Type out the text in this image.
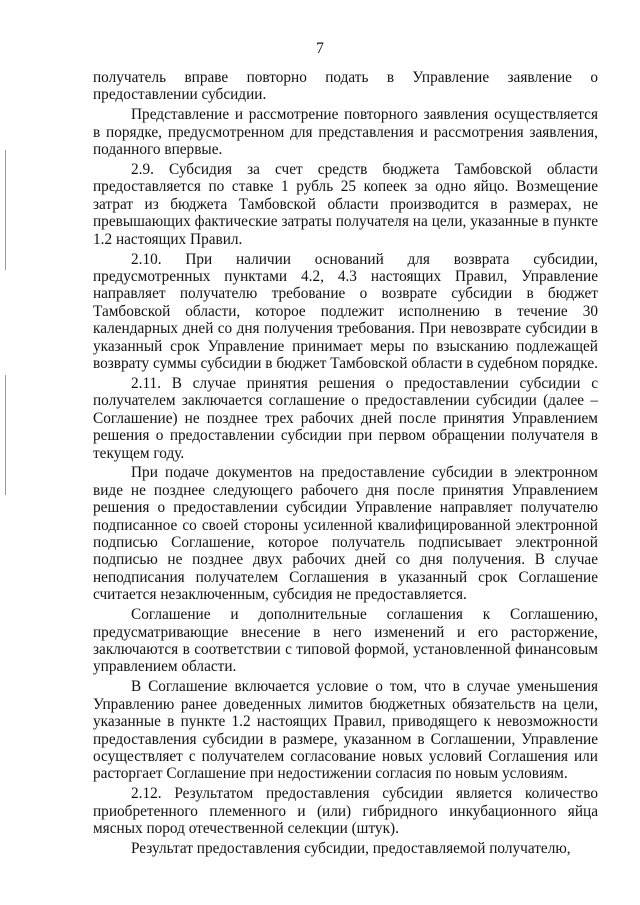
7

получатель вправе повторно подать в Управление заявление о предоставлении субсидии.

Представление и рассмотрение повторного заявления осуществляется в порядке, предусмотренном для представления и рассмотрения заявления, поданного впервые.

2.9. Субсидия за счет средств бюджета Тамбовской области предоставляется по ставке 1 рубль 25 копеек за одно яйцо. Возмещение затрат из бюджета Тамбовской области производится в размерах, не превышающих фактические затраты получателя на цели, указанные в пункте 1.2 настоящих Правил.

2.10. При наличии оснований для возврата субсидии, предусмотренных пунктами 4.2, 4.3 настоящих Правил, Управление направляет получателю требование о возврате субсидии в бюджет Тамбовской области, которое подлежит исполнению в течение 30 календарных дней со дня получения требования. При невозврате субсидии в указанный срок Управление принимает меры по взысканию подлежащей возврату суммы субсидии в бюджет Тамбовской области в судебном порядке.

2.11. В случае принятия решения о предоставлении субсидии с получателем заключается соглашение о предоставлении субсидии (далее – Соглашение) не позднее трех рабочих дней после принятия Управлением решения о предоставлении субсидии при первом обращении получателя в текущем году.

При подаче документов на предоставление субсидии в электронном виде не позднее следующего рабочего дня после принятия Управлением решения о предоставлении субсидии Управление направляет получателю подписанное со своей стороны усиленной квалифицированной электронной подписью Соглашение, которое получатель подписывает электронной подписью не позднее двух рабочих дней со дня получения. В случае неподписания получателем Соглашения в указанный срок Соглашение считается незаключенным, субсидия не предоставляется.

Соглашение и дополнительные соглашения к Соглашению, предусматривающие внесение в него изменений и его расторжение, заключаются в соответствии с типовой формой, установленной финансовым управлением области.

В Соглашение включается условие о том, что в случае уменьшения Управлению ранее доведенных лимитов бюджетных обязательств на цели, указанные в пункте 1.2 настоящих Правил, приводящего к невозможности предоставления субсидии в размере, указанном в Соглашении, Управление осуществляет с получателем согласование новых условий Соглашения или расторгает Соглашение при недостижении согласия по новым условиям.

2.12. Результатом предоставления субсидии является количество приобретенного племенного и (или) гибридного инкубационного яйца мясных пород отечественной селекции (штук).

Результат предоставления субсидии, предоставляемой получателю,
